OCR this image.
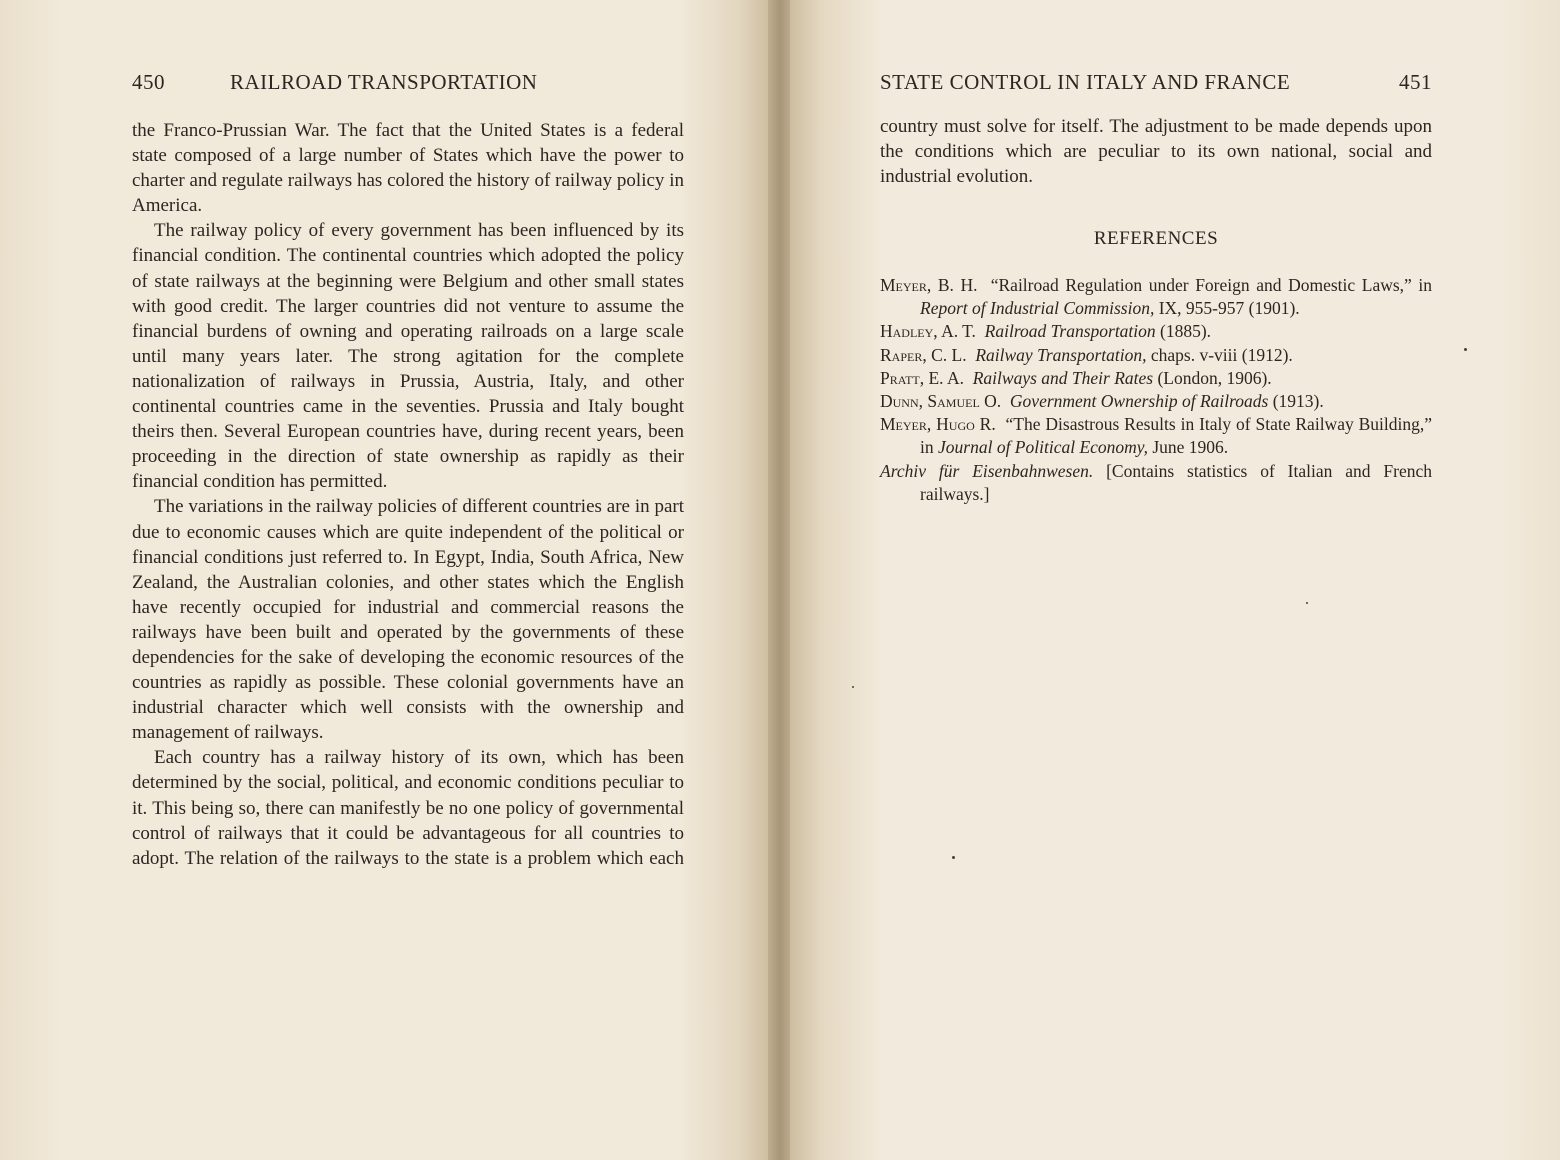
450	RAILROAD TRANSPORTATION

the Franco-Prussian War. The fact that the United States is a federal state composed of a large number of States which have the power to charter and regulate railways has colored the history of railway policy in America.

The railway policy of every government has been influenced by its financial condition. The continental countries which adopted the policy of state railways at the beginning were Belgium and other small states with good credit. The larger countries did not venture to assume the financial burdens of owning and operating railroads on a large scale until many years later. The strong agitation for the complete nationalization of railways in Prussia, Austria, Italy, and other continental countries came in the seventies. Prussia and Italy bought theirs then. Several European countries have, during recent years, been proceeding in the direction of state ownership as rapidly as their financial condition has permitted.

The variations in the railway policies of different countries are in part due to economic causes which are quite independent of the political or financial conditions just referred to. In Egypt, India, South Africa, New Zealand, the Australian colonies, and other states which the English have recently occupied for industrial and commercial reasons the railways have been built and operated by the governments of these dependencies for the sake of developing the economic resources of the countries as rapidly as possible. These colonial governments have an industrial character which well consists with the ownership and management of railways.

Each country has a railway history of its own, which has been determined by the social, political, and economic conditions peculiar to it. This being so, there can manifestly be no one policy of governmental control of railways that it could be advantageous for all countries to adopt. The relation of the railways to the state is a problem which each

STATE CONTROL IN ITALY AND FRANCE	451

country must solve for itself. The adjustment to be made depends upon the conditions which are peculiar to its own national, social and industrial evolution.

REFERENCES

Meyer, B. H. “Railroad Regulation under Foreign and Domestic Laws,” in Report of Industrial Commission, IX, 955-957 (1901).

Hadley, A. T. Railroad Transportation (1885).

Raper, C. L. Railway Transportation, chaps. v-viii (1912).

Pratt, E. A. Railways and Their Rates (London, 1906).

Dunn, Samuel O. Government Ownership of Railroads (1913).

Meyer, Hugo R. “The Disastrous Results in Italy of State Railway Building,” in Journal of Political Economy, June 1906.

Archiv für Eisenbahnwesen. [Contains statistics of Italian and French railways.]
